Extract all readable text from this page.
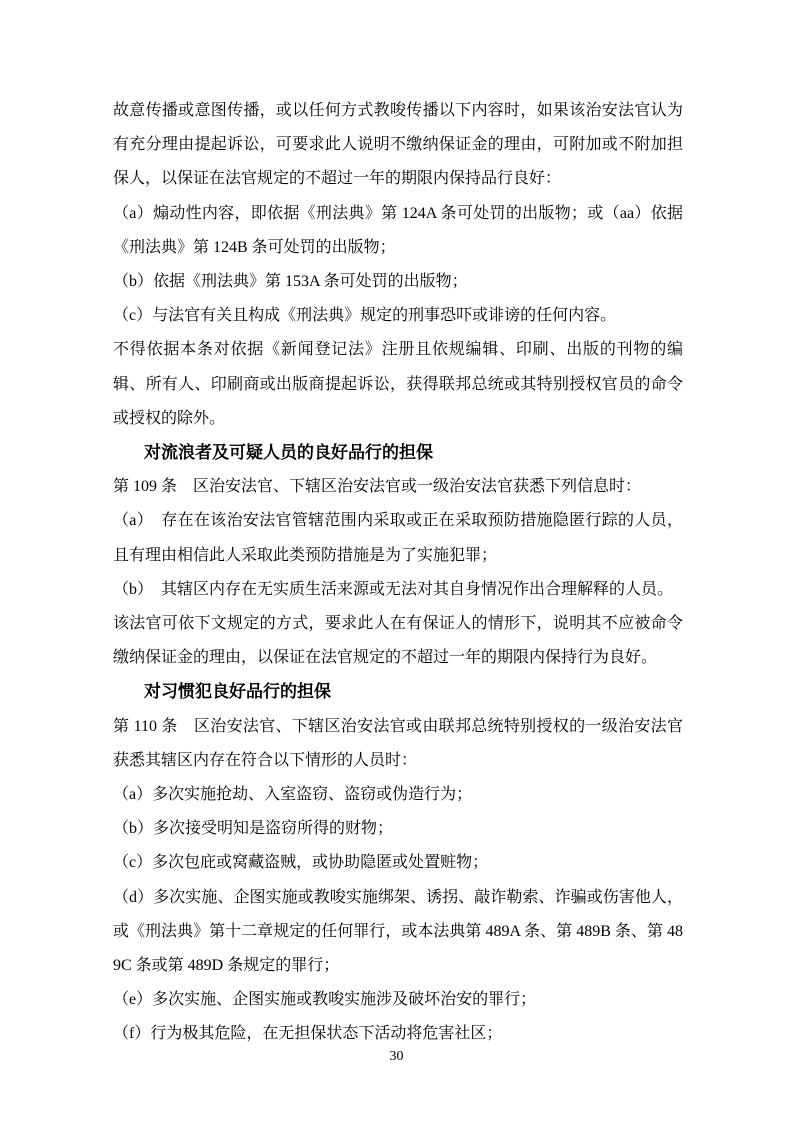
故意传播或意图传播，或以任何方式教唆传播以下内容时，如果该治安法官认为有充分理由提起诉讼，可要求此人说明不缴纳保证金的理由，可附加或不附加担保人，以保证在法官规定的不超过一年的期限内保持品行良好：

（a）煽动性内容，即依据《刑法典》第 124A 条可处罚的出版物；或（aa）依据《刑法典》第 124B 条可处罚的出版物；

（b）依据《刑法典》第 153A 条可处罚的出版物；

（c）与法官有关且构成《刑法典》规定的刑事恐吓或诽谤的任何内容。

不得依据本条对依据《新闻登记法》注册且依规编辑、印刷、出版的刊物的编辑、所有人、印刷商或出版商提起诉讼，获得联邦总统或其特别授权官员的命令或授权的除外。

对流浪者及可疑人员的良好品行的担保

第 109 条　区治安法官、下辖区治安法官或一级治安法官获悉下列信息时：

（a）　存在在该治安法官管辖范围内采取或正在采取预防措施隐匿行踪的人员，且有理由相信此人采取此类预防措施是为了实施犯罪；

（b）　其辖区内存在无实质生活来源或无法对其自身情况作出合理解释的人员。

该法官可依下文规定的方式，要求此人在有保证人的情形下，说明其不应被命令缴纳保证金的理由，以保证在法官规定的不超过一年的期限内保持行为良好。

对习惯犯良好品行的担保

第 110 条　区治安法官、下辖区治安法官或由联邦总统特别授权的一级治安法官获悉其辖区内存在符合以下情形的人员时：

（a）多次实施抢劫、入室盗窃、盗窃或伪造行为；

（b）多次接受明知是盗窃所得的财物；

（c）多次包庇或窝藏盗贼，或协助隐匿或处置赃物；

（d）多次实施、企图实施或教唆实施绑架、诱拐、敲诈勒索、诈骗或伤害他人，或《刑法典》第十二章规定的任何罪行，或本法典第 489A 条、第 489B 条、第 489C 条或第 489D 条规定的罪行；

（e）多次实施、企图实施或教唆实施涉及破坏治安的罪行；

（f）行为极其危险，在无担保状态下活动将危害社区；

30
